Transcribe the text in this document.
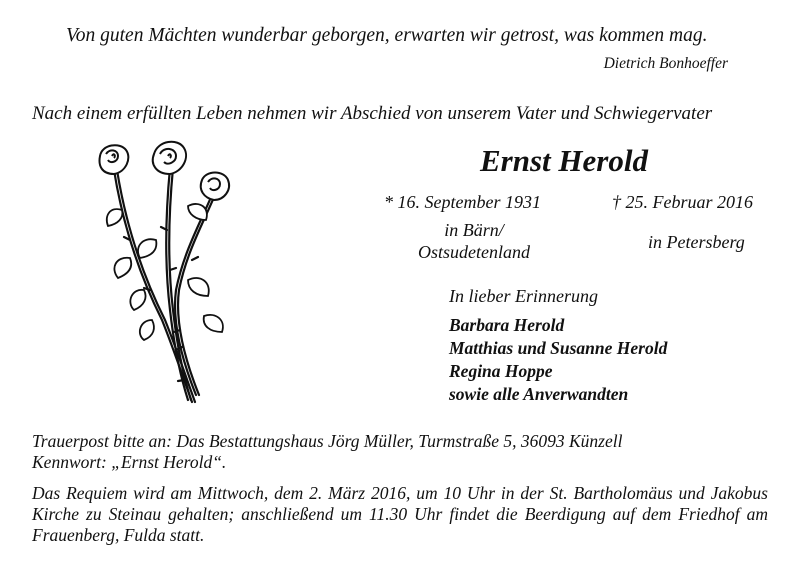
Von guten Mächten wunderbar geborgen, erwarten wir getrost, was kommen mag.
Dietrich Bonhoeffer
Nach einem erfüllten Leben nehmen wir Abschied von unserem Vater und Schwiegervater
Ernst Herold
* 16. September 1931	† 25. Februar 2016
in Bärn/
Ostsudetenland	in Petersberg
In lieber Erinnerung
Barbara Herold
Matthias und Susanne Herold
Regina Hoppe
sowie alle Anverwandten
Trauerpost bitte an: Das Bestattungshaus Jörg Müller, Turmstraße 5, 36093 Künzell
Kennwort: „Ernst Herold“.
Das Requiem wird am Mittwoch, dem 2. März 2016, um 10 Uhr in der St. Bartholomäus und Jakobus Kirche zu Steinau gehalten; anschließend um 11.30 Uhr findet die Beerdigung auf dem Friedhof am Frauenberg, Fulda statt.
